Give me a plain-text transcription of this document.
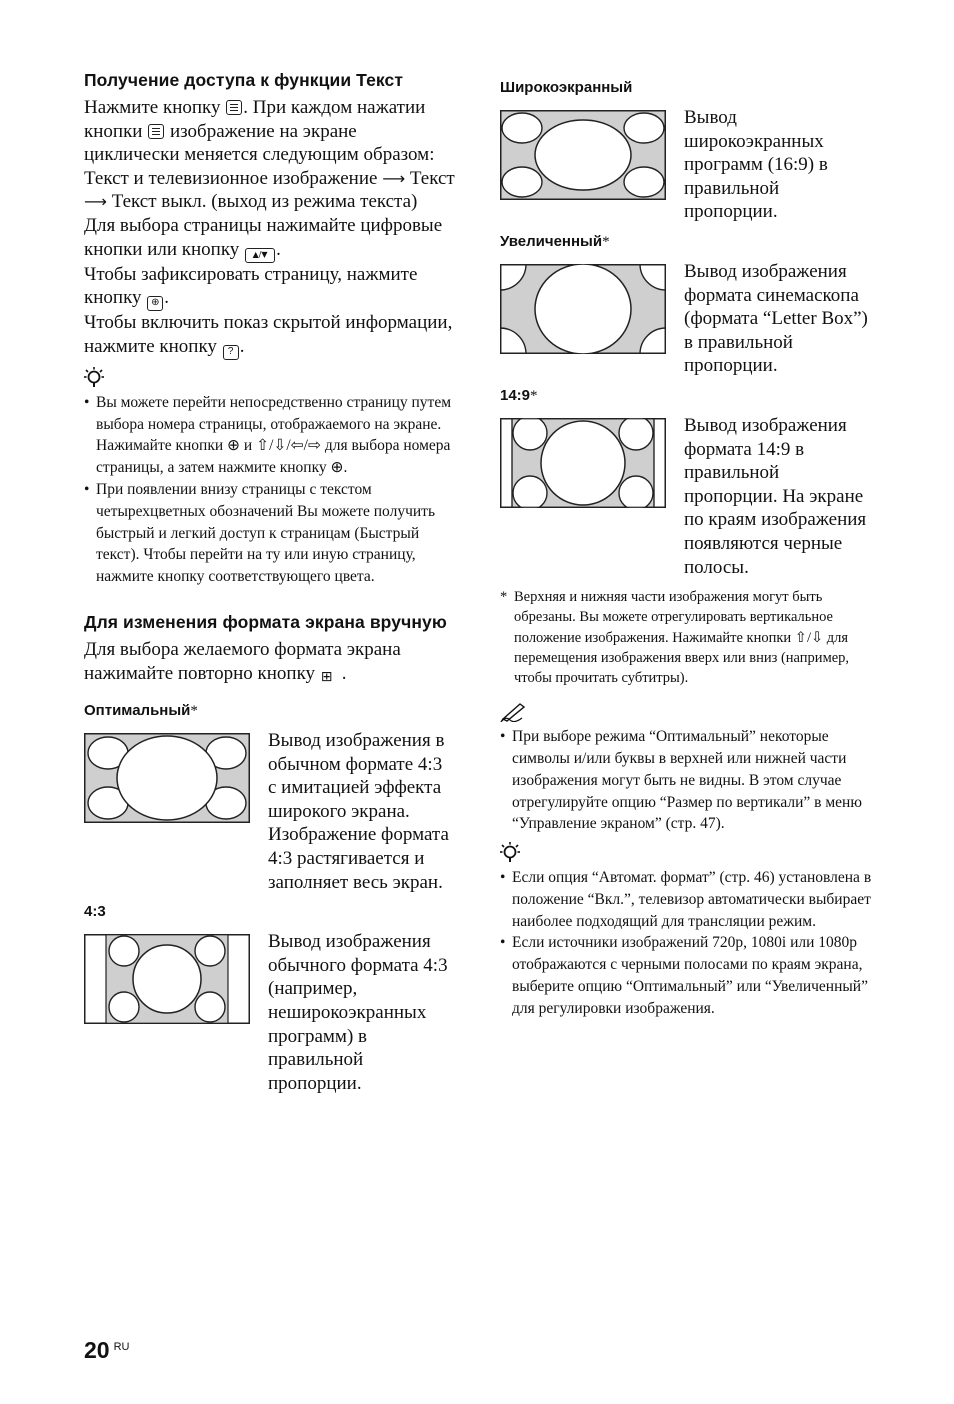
Получение доступа к функции Текст

Нажмите кнопку . При каждом нажатии кнопки  изображение на экране циклически меняется следующим образом:

Текст и телевизионное изображение ⟶ Текст ⟶ Текст выкл. (выход из режима текста)

Для выбора страницы нажимайте цифровые кнопки или кнопку ▲/▼ .

Чтобы зафиксировать страницу, нажмите кнопку ⊕ .

Чтобы включить показ скрытой информации, нажмите кнопку ? .

• Вы можете перейти непосредственно страницу путем выбора номера страницы, отображаемого на экране. Нажимайте кнопки ⊕ и ⇧/⇩/⇦/⇨ для выбора номера страницы, а затем нажмите кнопку ⊕.
• При появлении внизу страницы с текстом четырехцветных обозначений Вы можете получить быстрый и легкий доступ к страницам (Быстрый текст). Чтобы перейти на ту или иную страницу, нажмите кнопку соответствующего цвета.
Для изменения формата экрана вручную

Для выбора желаемого формата экрана нажимайте повторно кнопку ⊞ .

Оптимальный*
Вывод изображения в обычном формате 4:3 с имитацией эффекта широкого экрана. Изображение формата 4:3 растягивается и заполняет весь экран.
4:3
Вывод изображения обычного формата 4:3 (например, неширокоэкранных программ) в правильной пропорции.
Широкоэкранный
Вывод широкоэкранных программ (16:9) в правильной пропорции.
Увеличенный*
Вывод изображения формата синемаскопа (формата “Letter Box”) в правильной пропорции.
14:9*
Вывод изображения формата 14:9 в правильной пропорции. На экране по краям изображения появляются черные полосы.

* Верхняя и нижняя части изображения могут быть обрезаны. Вы можете отрегулировать вертикальное положение изображения. Нажимайте кнопки ⇧/⇩ для перемещения изображения вверх или вниз (например, чтобы прочитать субтитры).

• При выборе режима “Оптимальный” некоторые символы и/или буквы в верхней или нижней части изображения могут быть не видны. В этом случае отрегулируйте опцию “Размер по вертикали” в меню “Управление экраном” (стр. 47).
• Если опция “Автомат. формат” (стр. 46) установлена в положение “Вкл.”, телевизор автоматически выбирает наиболее подходящий для трансляции режим.
• Если источники изображений 720p, 1080i или 1080p отображаются с черными полосами по краям экрана, выберите опцию “Оптимальный” или “Увеличенный” для регулировки изображения.
20 $^{RU}$
